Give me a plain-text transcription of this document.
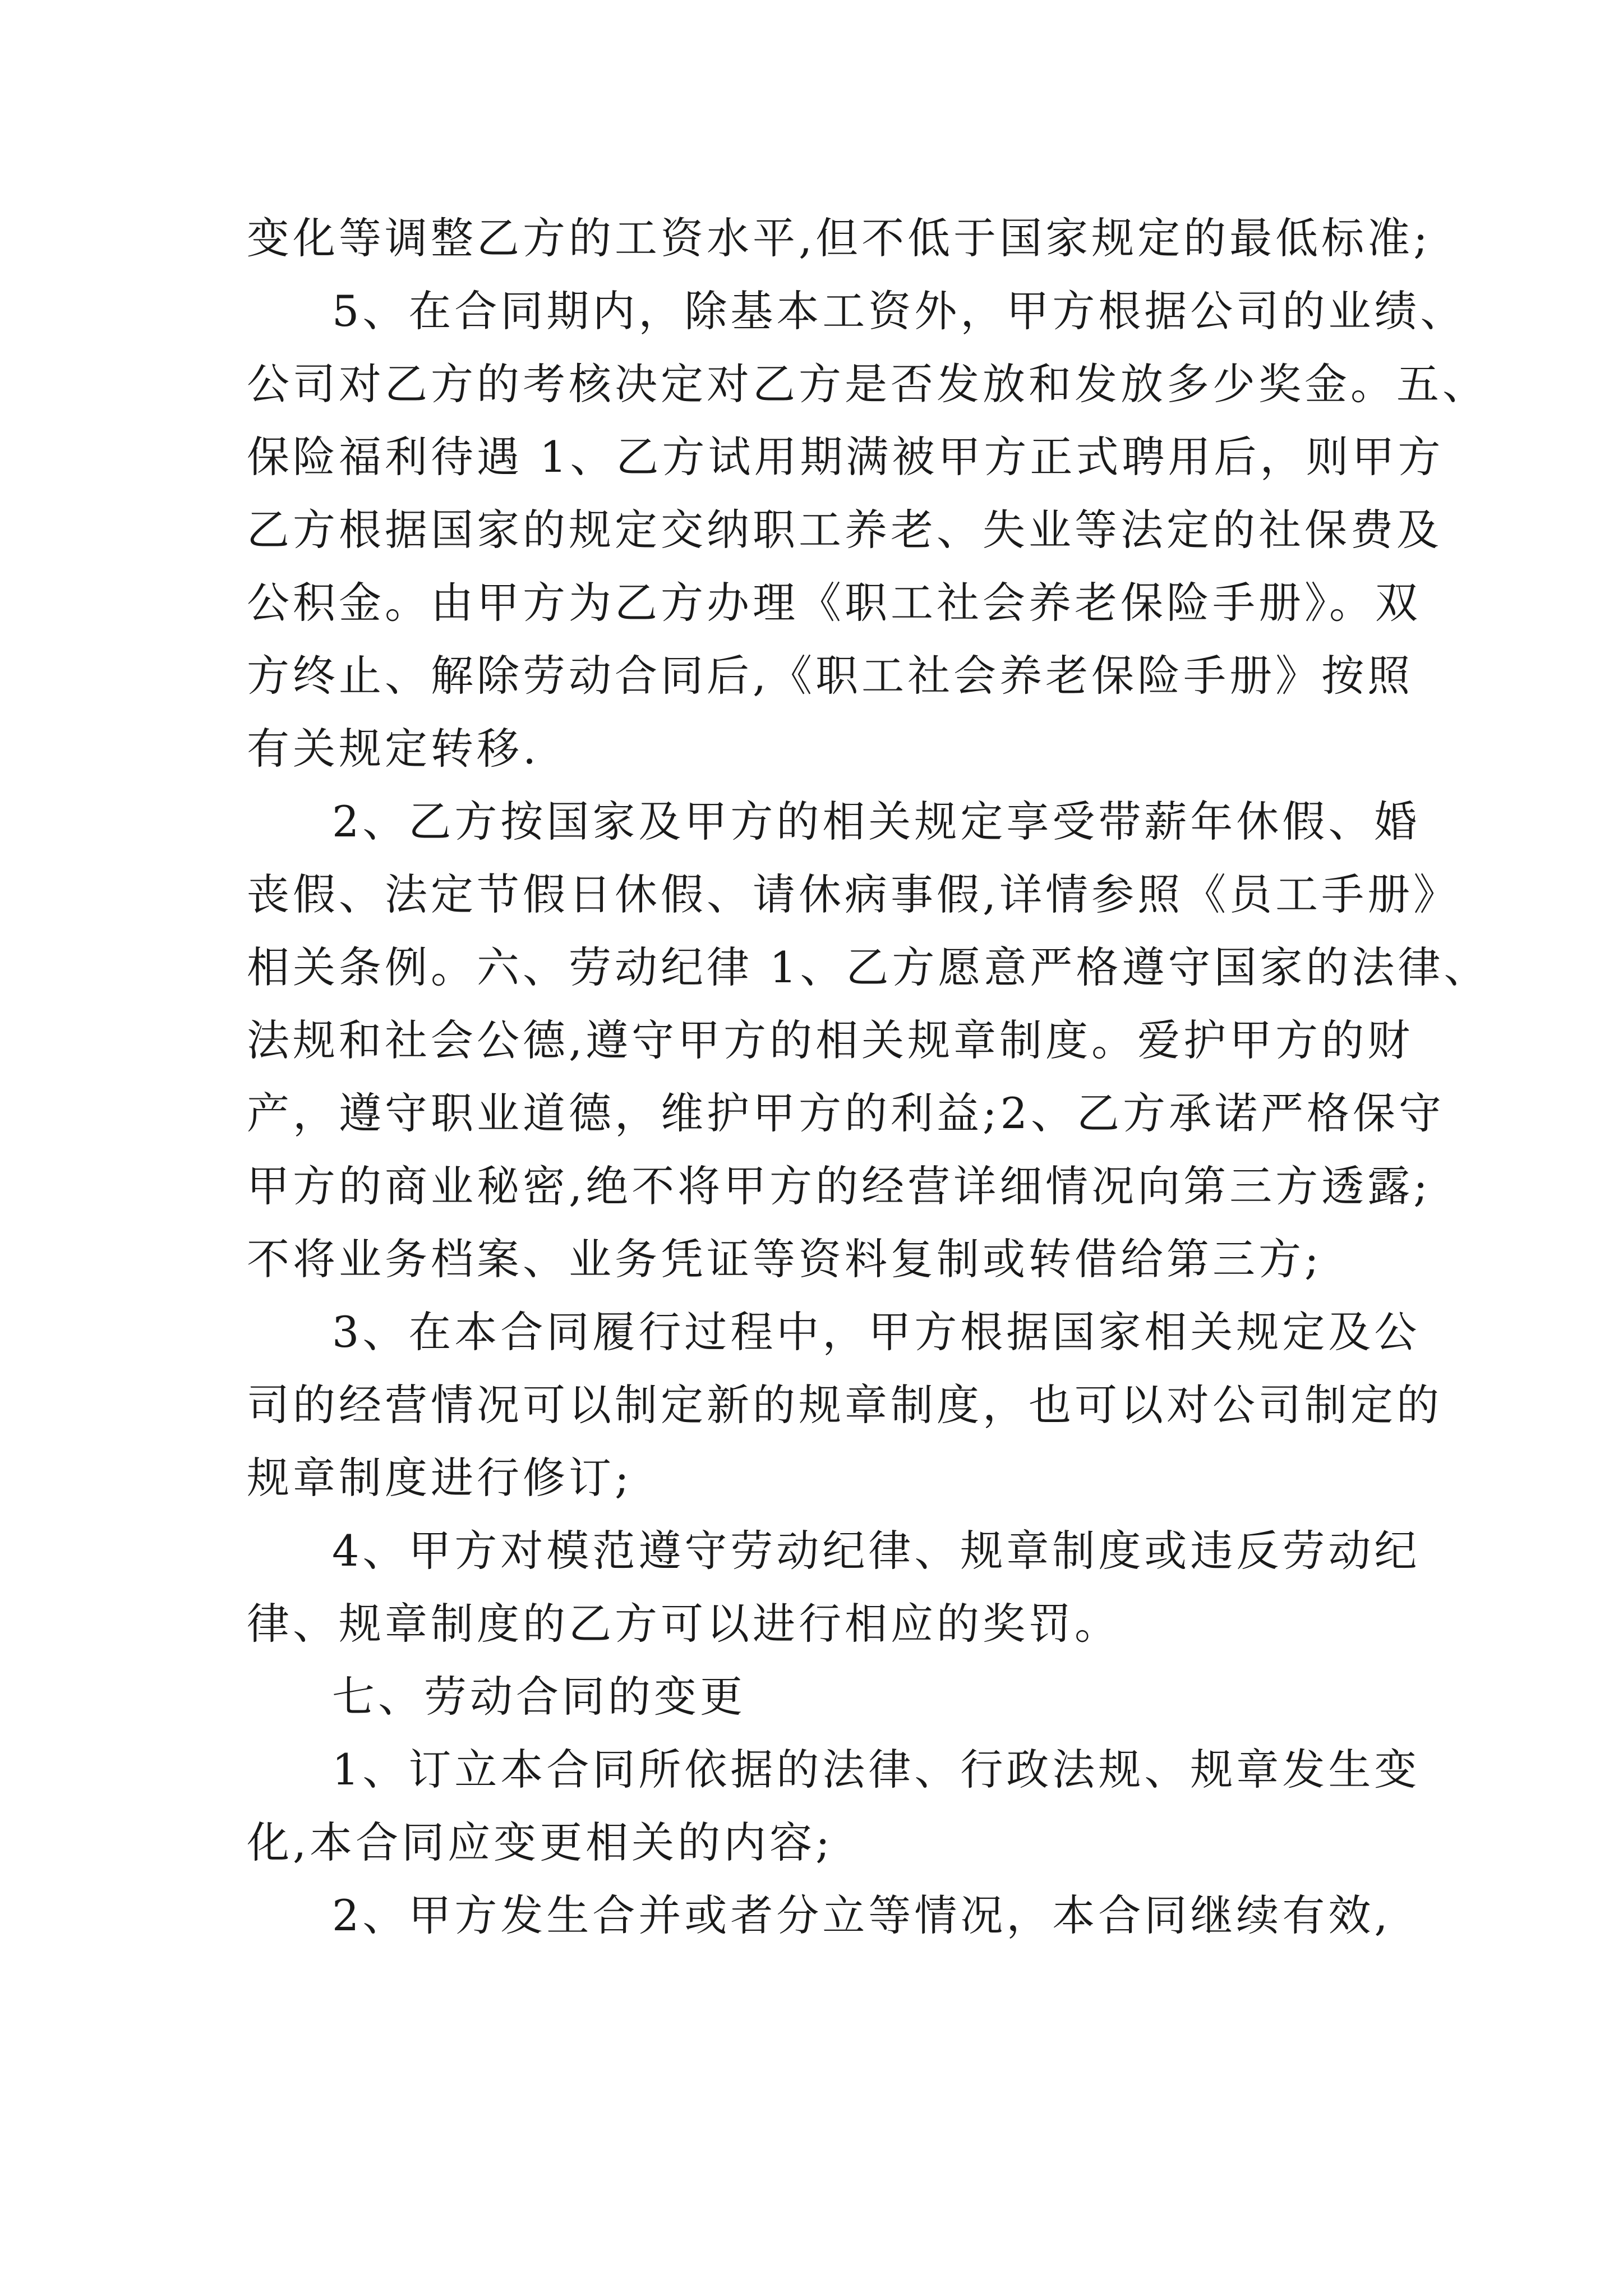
变化等调整乙方的工资水平,但不低于国家规定的最低标准;
5、在合同期内，除基本工资外，甲方根据公司的业绩、
公司对乙方的考核决定对乙方是否发放和发放多少奖金。五、
保险福利待遇 1、乙方试用期满被甲方正式聘用后，则甲方
乙方根据国家的规定交纳职工养老、失业等法定的社保费及
公积金。由甲方为乙方办理《职工社会养老保险手册》。双
方终止、解除劳动合同后,《职工社会养老保险手册》按照
有关规定转移.
2、乙方按国家及甲方的相关规定享受带薪年休假、婚
丧假、法定节假日休假、请休病事假,详情参照《员工手册》
相关条例。六、劳动纪律 1、乙方愿意严格遵守国家的法律、
法规和社会公德,遵守甲方的相关规章制度。爱护甲方的财
产，遵守职业道德，维护甲方的利益;2、乙方承诺严格保守
甲方的商业秘密,绝不将甲方的经营详细情况向第三方透露;
不将业务档案、业务凭证等资料复制或转借给第三方;
3、在本合同履行过程中，甲方根据国家相关规定及公
司的经营情况可以制定新的规章制度，也可以对公司制定的
规章制度进行修订;
4、甲方对模范遵守劳动纪律、规章制度或违反劳动纪
律、规章制度的乙方可以进行相应的奖罚。
七、劳动合同的变更
1、订立本合同所依据的法律、行政法规、规章发生变
化,本合同应变更相关的内容;
2、甲方发生合并或者分立等情况，本合同继续有效,
